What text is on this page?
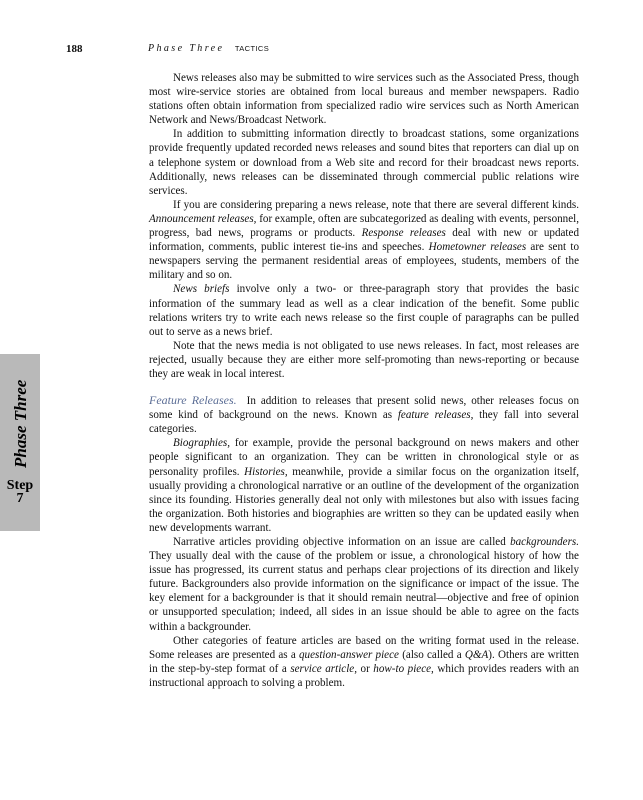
188	Phase Three TACTICS
Phase Three
Step
7

News releases also may be submitted to wire services such as the Associated Press, though most wire-service stories are obtained from local bureaus and member newspapers. Radio stations often obtain information from specialized radio wire services such as North American Network and News/Broadcast Network.

In addition to submitting information directly to broadcast stations, some organizations provide frequently updated recorded news releases and sound bites that reporters can dial up on a telephone system or download from a Web site and record for their broadcast news reports. Additionally, news releases can be disseminated through commercial public relations wire services.

If you are considering preparing a news release, note that there are several different kinds. Announcement releases, for example, often are subcategorized as dealing with events, personnel, progress, bad news, programs or products. Response releases deal with new or updated information, comments, public interest tie-ins and speeches. Hometowner releases are sent to newspapers serving the permanent residential areas of employees, students, members of the military and so on.

News briefs involve only a two- or three-paragraph story that provides the basic information of the summary lead as well as a clear indication of the benefit. Some public relations writers try to write each news release so the first couple of paragraphs can be pulled out to serve as a news brief.

Note that the news media is not obligated to use news releases. In fact, most releases are rejected, usually because they are either more self-promoting than news-reporting or because they are weak in local interest.

Feature Releases. In addition to releases that present solid news, other releases focus on some kind of background on the news. Known as feature releases, they fall into several categories.

Biographies, for example, provide the personal background on news makers and other people significant to an organization. They can be written in chronological style or as personality profiles. Histories, meanwhile, provide a similar focus on the organization itself, usually providing a chronological narrative or an outline of the development of the organization since its founding. Histories generally deal not only with milestones but also with issues facing the organization. Both histories and biographies are written so they can be updated easily when new developments warrant.

Narrative articles providing objective information on an issue are called backgrounders. They usually deal with the cause of the problem or issue, a chronological history of how the issue has progressed, its current status and perhaps clear projections of its direction and likely future. Backgrounders also provide information on the significance or impact of the issue. The key element for a backgrounder is that it should remain neutral—objective and free of opinion or unsupported speculation; indeed, all sides in an issue should be able to agree on the facts within a backgrounder.

Other categories of feature articles are based on the writing format used in the release. Some releases are presented as a question-answer piece (also called a Q&A). Others are written in the step-by-step format of a service article, or how-to piece, which provides readers with an instructional approach to solving a problem.
